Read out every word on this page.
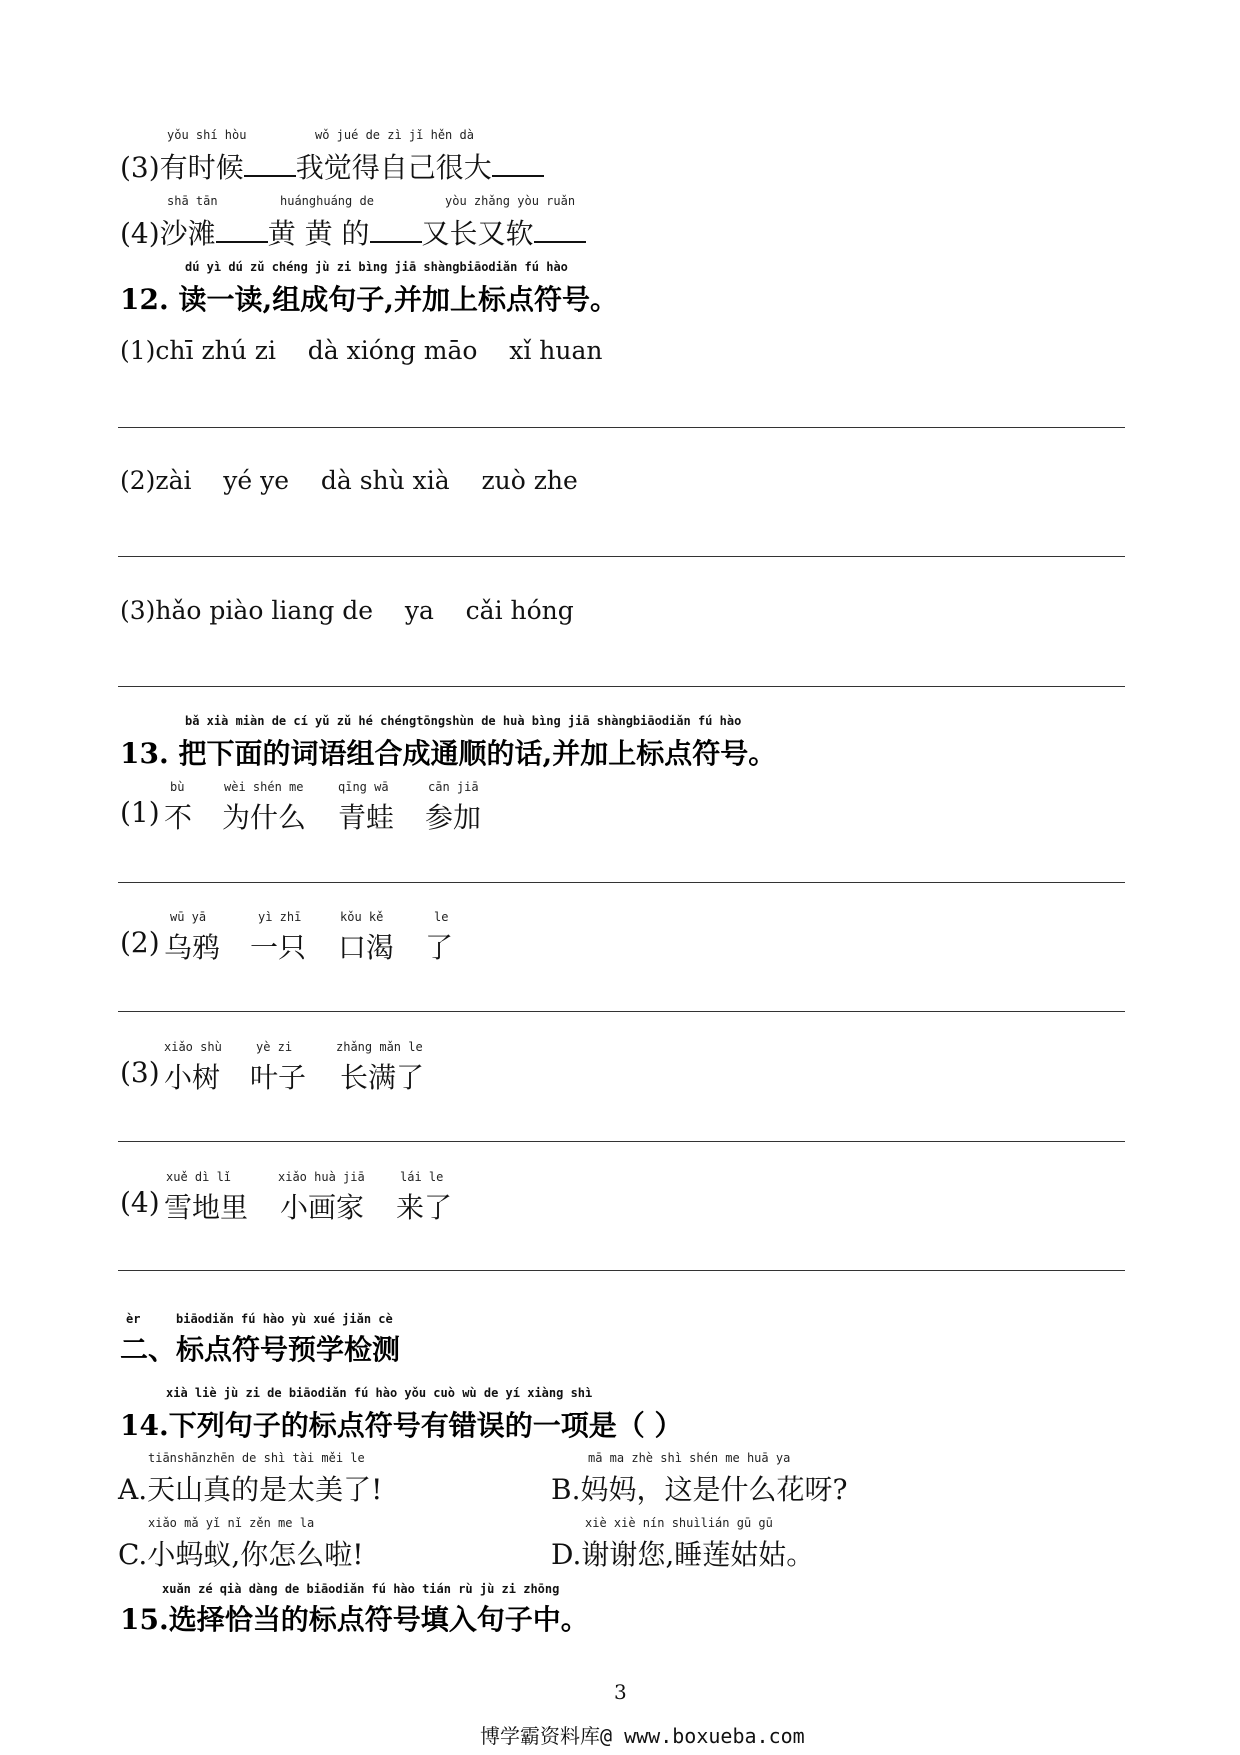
yǒu shí hòu	wǒ jué de zì jǐ hěn dà
(3)有时候 我觉得自己很大
shā tān	huánghuáng de	yòu zhǎng yòu ruǎn
(4)沙滩 黄 黄 的 又长又软
dú yì dú zǔ chéng jù zi bìng jiā shàngbiāodiǎn fú hào
12. 读一读,组成句子,并加上标点符号。
(1)chī zhú zi    dà xióng māo    xǐ huan
(2)zài    yé ye    dà shù xià    zuò zhe
(3)hǎo piào liang de    ya    cǎi hóng
bǎ xià miàn de cí yǔ zǔ hé chéngtōngshùn de huà bìng jiā shàngbiāodiǎn fú hào
13. 把下面的词语组合成通顺的话,并加上标点符号。
bù	wèi shén me	qīng wā	cān jiā
(1) 不 为什么 青蛙 参加
wū yā	yì zhī	kǒu kě	le
(2) 乌鸦 一只 口渴 了
xiǎo shù	yè zi	zhǎng mǎn le
(3) 小树 叶子 长满了
xuě dì lǐ	xiǎo huà jiā	lái le
(4) 雪地里 小画家 来了
èr	biāodiǎn fú hào yù xué jiǎn cè
二、标点符号预学检测
xià liè jù zi de biāodiǎn fú hào yǒu cuò wù de yí xiàng shì
14.下列句子的标点符号有错误的一项是（ ）
tiānshānzhēn de shì tài měi le
A.天山真的是太美了!
mā ma zhè shì shén me huā ya
B.妈妈，这是什么花呀?
xiǎo mǎ yǐ nǐ zěn me la
C.小蚂蚁,你怎么啦!
xiè xiè nín shuìlián gū gū
D.谢谢您,睡莲姑姑。
xuǎn zé qià dàng de biāodiǎn fú hào tián rù jù zi zhōng
15.选择恰当的标点符号填入句子中。
3
博学霸资料库@ www.boxueba.com
